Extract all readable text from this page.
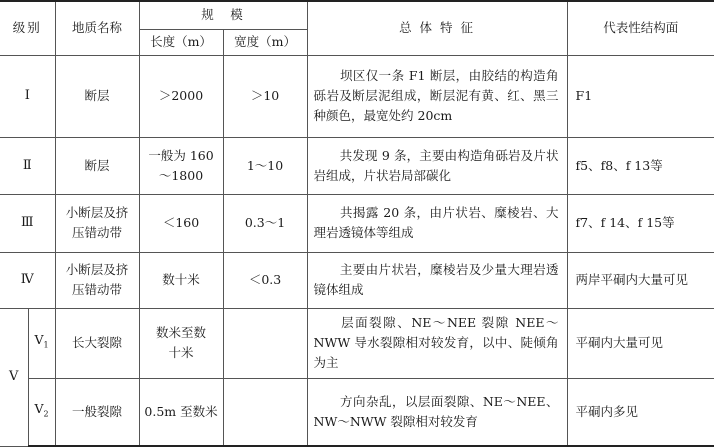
级别		地质名称	规　模		总 体 特 征	代表性结构面
			长度（m）	宽度（m）		
Ⅰ		断层	＞2000	＞10	坝区仅一条 F1 断层，由胶结的构造角砾岩及断层泥组成，断层泥有黄、红、黑三种颜色，最宽处约 20cm	F1
Ⅱ		断层	一般为 160～1800	1～10	共发现 9 条，主要由构造角砾岩及片状岩组成，片状岩局部碳化	f5、f8、f 13等
Ⅲ		小断层及挤压错动带	＜160	0.3～1	共揭露 20 条，由片状岩、糜棱岩、大理岩透镜体等组成	f7、f 14、f 15等
Ⅳ		小断层及挤压错动带	数十米	＜0.3	主要由片状岩，糜棱岩及少量大理岩透镜体组成	两岸平硐内大量可见
Ⅴ	$Ⅴ_1$	长大裂隙	数米至数十米		层面裂隙、NE～NEE 裂隙 NEE～NWW 导水裂隙相对较发育，以中、陡倾角为主	平硐内大量可见
	$Ⅴ_2$	一般裂隙	0.5m 至数米		方向杂乱，以层面裂隙、NE～NEE、NW～NWW 裂隙相对较发育	平硐内多见
